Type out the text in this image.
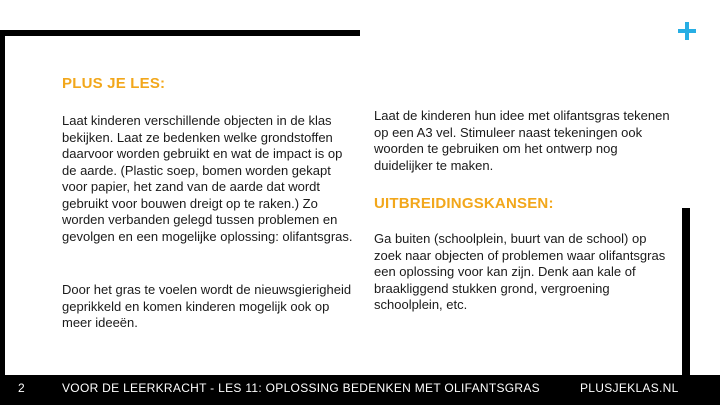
PLUS JE LES:
Laat kinderen verschillende objecten in de klas bekijken. Laat ze bedenken welke grondstoffen daarvoor worden gebruikt en wat de impact is op de aarde. (Plastic soep, bomen worden gekapt voor papier, het zand van de aarde dat wordt gebruikt voor bouwen dreigt op te raken.) Zo worden verbanden gelegd tussen problemen en gevolgen en een mogelijke oplossing: olifantsgras.
Door het gras te voelen wordt de nieuwsgierigheid geprikkeld en komen kinderen mogelijk ook op meer ideeën.
Laat de kinderen hun idee met olifantsgras tekenen op een A3 vel. Stimuleer naast tekeningen ook woorden te gebruiken om het ontwerp nog duidelijker te maken.
UITBREIDINGSKANSEN:
Ga buiten (schoolplein, buurt van de school) op zoek naar objecten of problemen waar olifantsgras een oplossing voor kan zijn. Denk aan kale of braakliggend stukken grond, vergroening schoolplein, etc.
2	VOOR DE LEERKRACHT - LES 11: OPLOSSING BEDENKEN MET OLIFANTSGRAS	PLUSJEKLAS.NL
